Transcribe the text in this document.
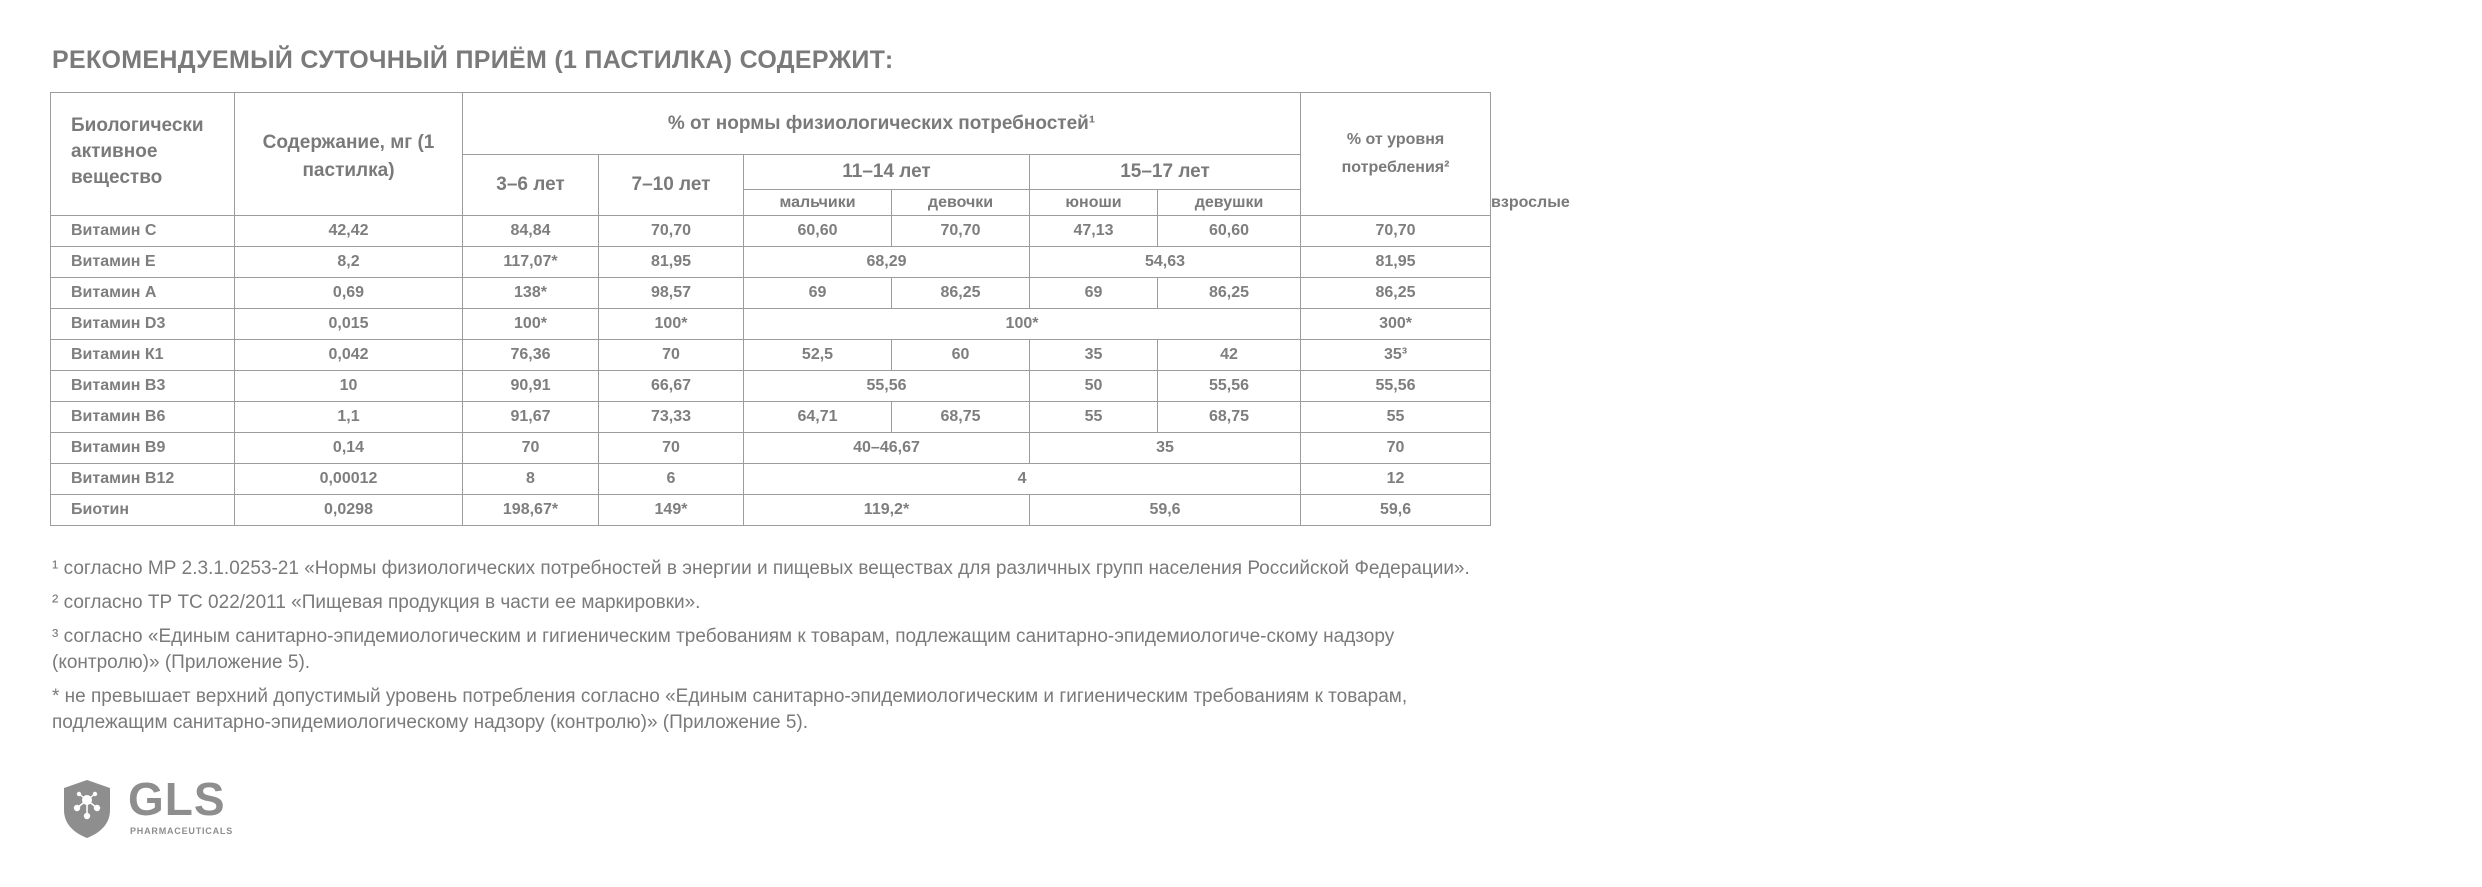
РЕКОМЕНДУЕМЫЙ СУТОЧНЫЙ ПРИЁМ (1 ПАСТИЛКА) СОДЕРЖИТ:
Биологически активное вещество	Содержание, мг (1 пастилка)	% от нормы физиологических потребностей¹						% от уровня потребления²	
		3–6 лет	7–10 лет	11–14 лет		15–17 лет			
				мальчики	девочки	юноши	девушки		взрослые
Витамин С	42,42	84,84	70,70	60,60	70,70	47,13	60,60	70,70	
Витамин Е	8,2	117,07*	81,95	68,29		54,63		81,95	
Витамин А	0,69	138*	98,57	69	86,25	69	86,25	86,25	
Витамин D3	0,015	100*	100*	100*				300*	
Витамин К1	0,042	76,36	70	52,5	60	35	42	35³	
Витамин В3	10	90,91	66,67	55,56		50	55,56	55,56	
Витамин В6	1,1	91,67	73,33	64,71	68,75	55	68,75	55	
Витамин В9	0,14	70	70	40–46,67		35		70	
Витамин В12	0,00012	8	6	4				12	
Биотин	0,0298	198,67*	149*	119,2*		59,6		59,6	

¹ согласно МР 2.3.1.0253-21 «Нормы физиологических потребностей в энергии и пищевых веществах для различных групп населения Российской Федерации».

² согласно ТР ТС 022/2011 «Пищевая продукция в части ее маркировки».

³ согласно «Единым санитарно-эпидемиологическим и гигиеническим требованиям к товарам, подлежащим санитарно-эпидемиологиче-скому надзору (контролю)» (Приложение 5).

* не превышает верхний допустимый уровень потребления согласно «Единым санитарно-эпидемиологическим и гигиеническим требованиям к товарам, подлежащим санитарно-эпидемиологическому надзору (контролю)» (Приложение 5).

GLS
PHARMACEUTICALS
